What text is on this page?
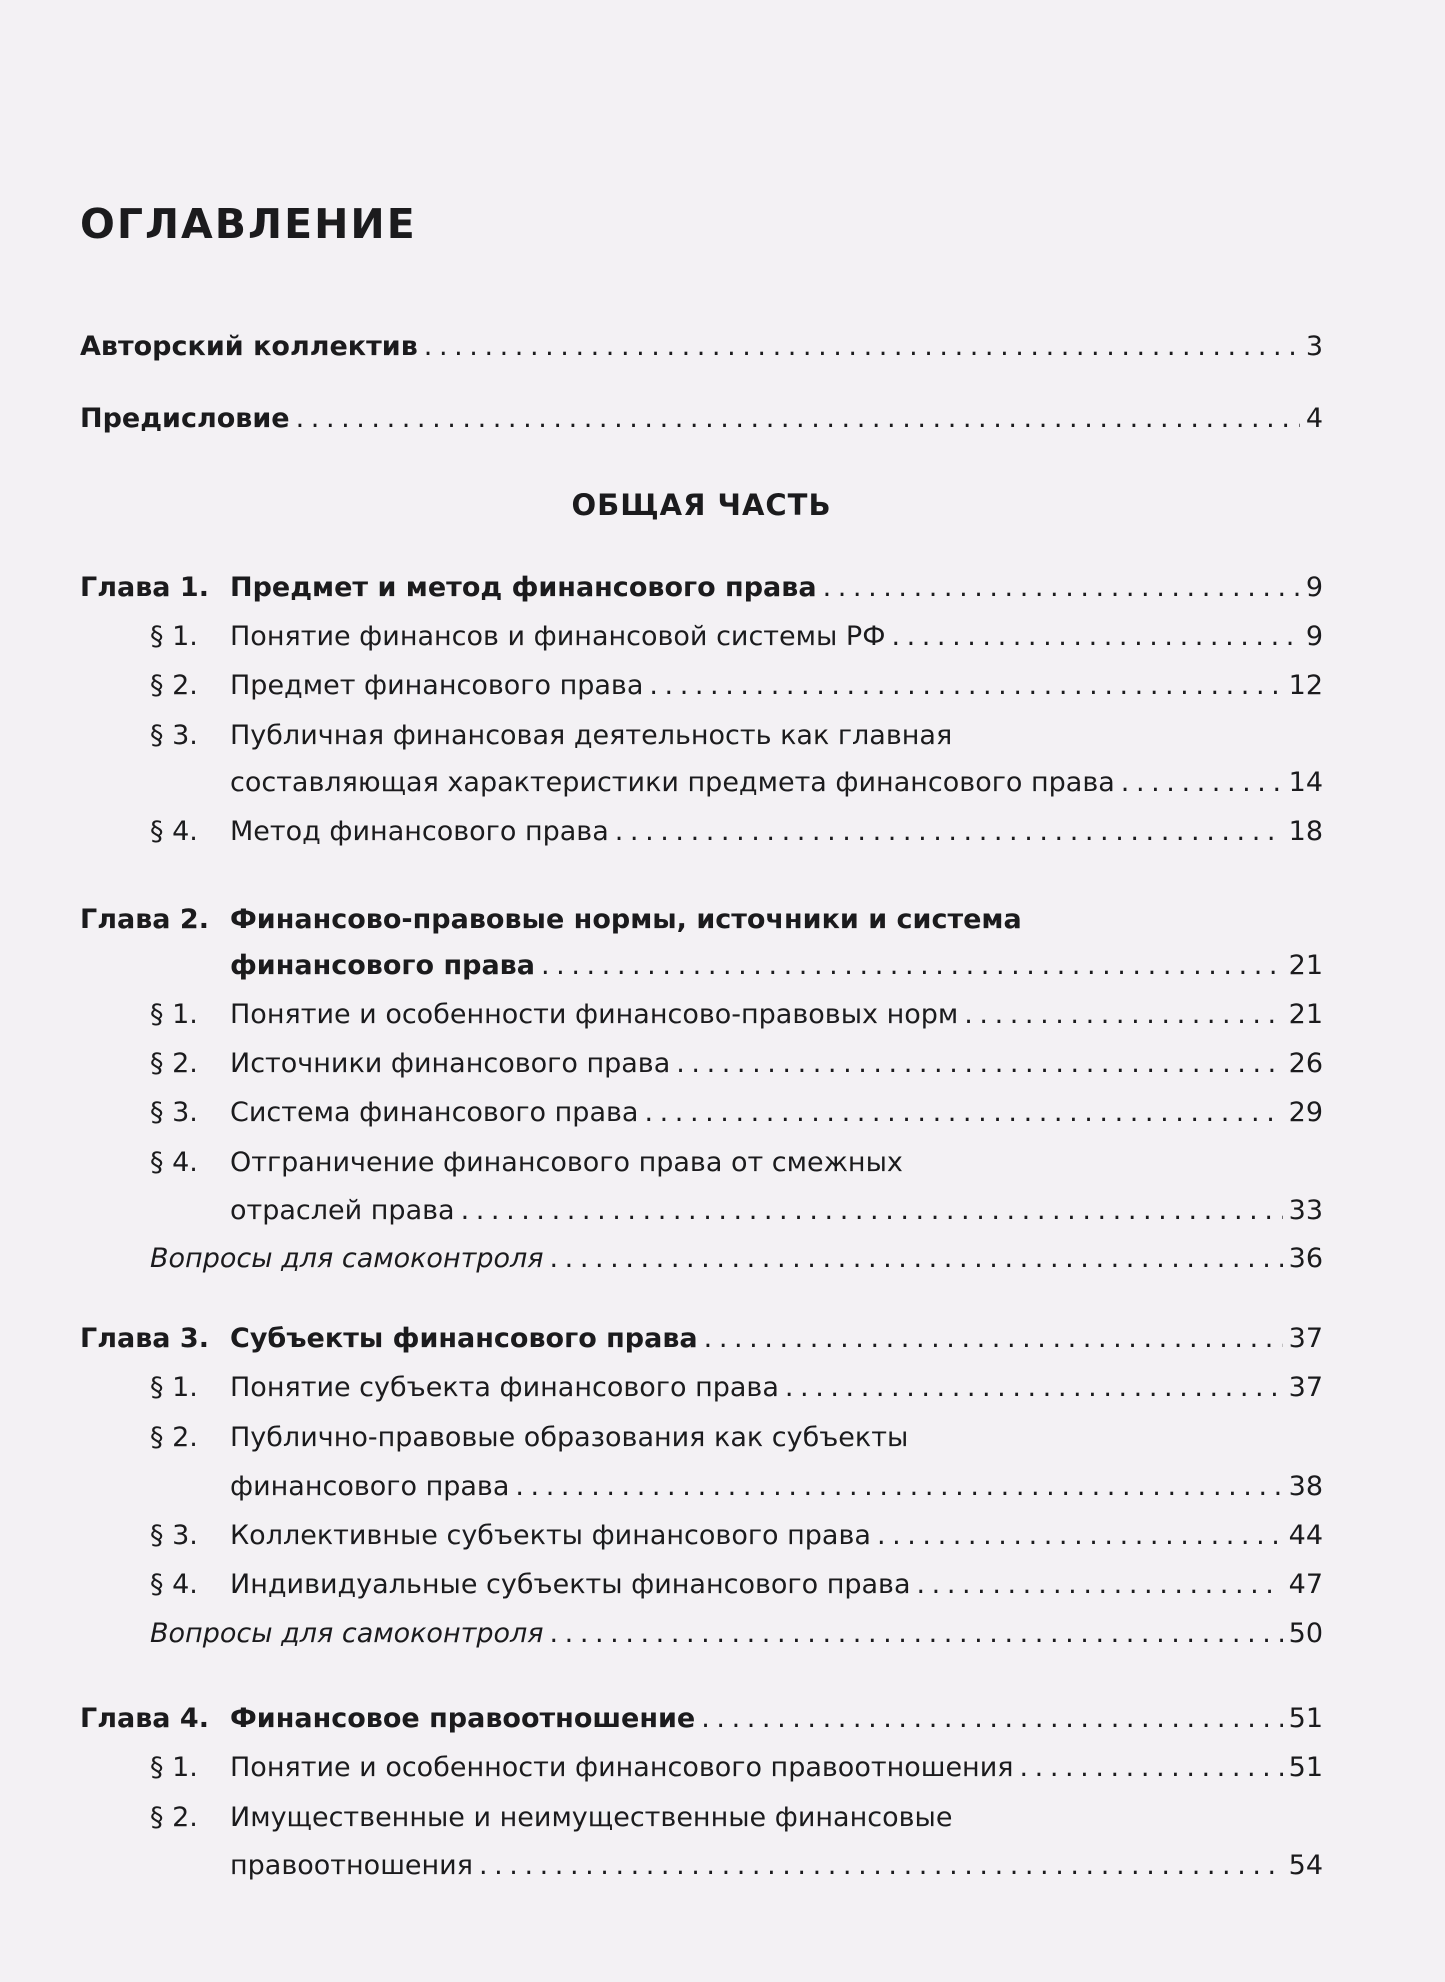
ОГЛАВЛЕНИЕ
Авторский коллектив . . .	3
Предисловие . . .	4
ОБЩАЯ ЧАСТЬ
Глава 1. Предмет и метод финансового права . . .	9
§ 1. Понятие финансов и финансовой системы РФ . . .	9
§ 2. Предмет финансового права . . .	12
§ 3. Публичная финансовая деятельность как главная
составляющая характеристики предмета финансового права . . .	14
§ 4. Метод финансового права . . .	18
Глава 2. Финансово-правовые нормы, источники и система
финансового права . . .	21
§ 1. Понятие и особенности финансово-правовых норм . . .	21
§ 2. Источники финансового права . . .	26
§ 3. Система финансового права . . .	29
§ 4. Отграничение финансового права от смежных
отраслей права . . .	33
Вопросы для самоконтроля . . .	36
Глава 3. Субъекты финансового права . . .	37
§ 1. Понятие субъекта финансового права . . .	37
§ 2. Публично-правовые образования как субъекты
финансового права . . .	38
§ 3. Коллективные субъекты финансового права . . .	44
§ 4. Индивидуальные субъекты финансового права . . .	47
Вопросы для самоконтроля . . .	50
Глава 4. Финансовое правоотношение . . .	51
§ 1. Понятие и особенности финансового правоотношения . . .	51
§ 2. Имущественные и неимущественные финансовые
правоотношения . . .	54
